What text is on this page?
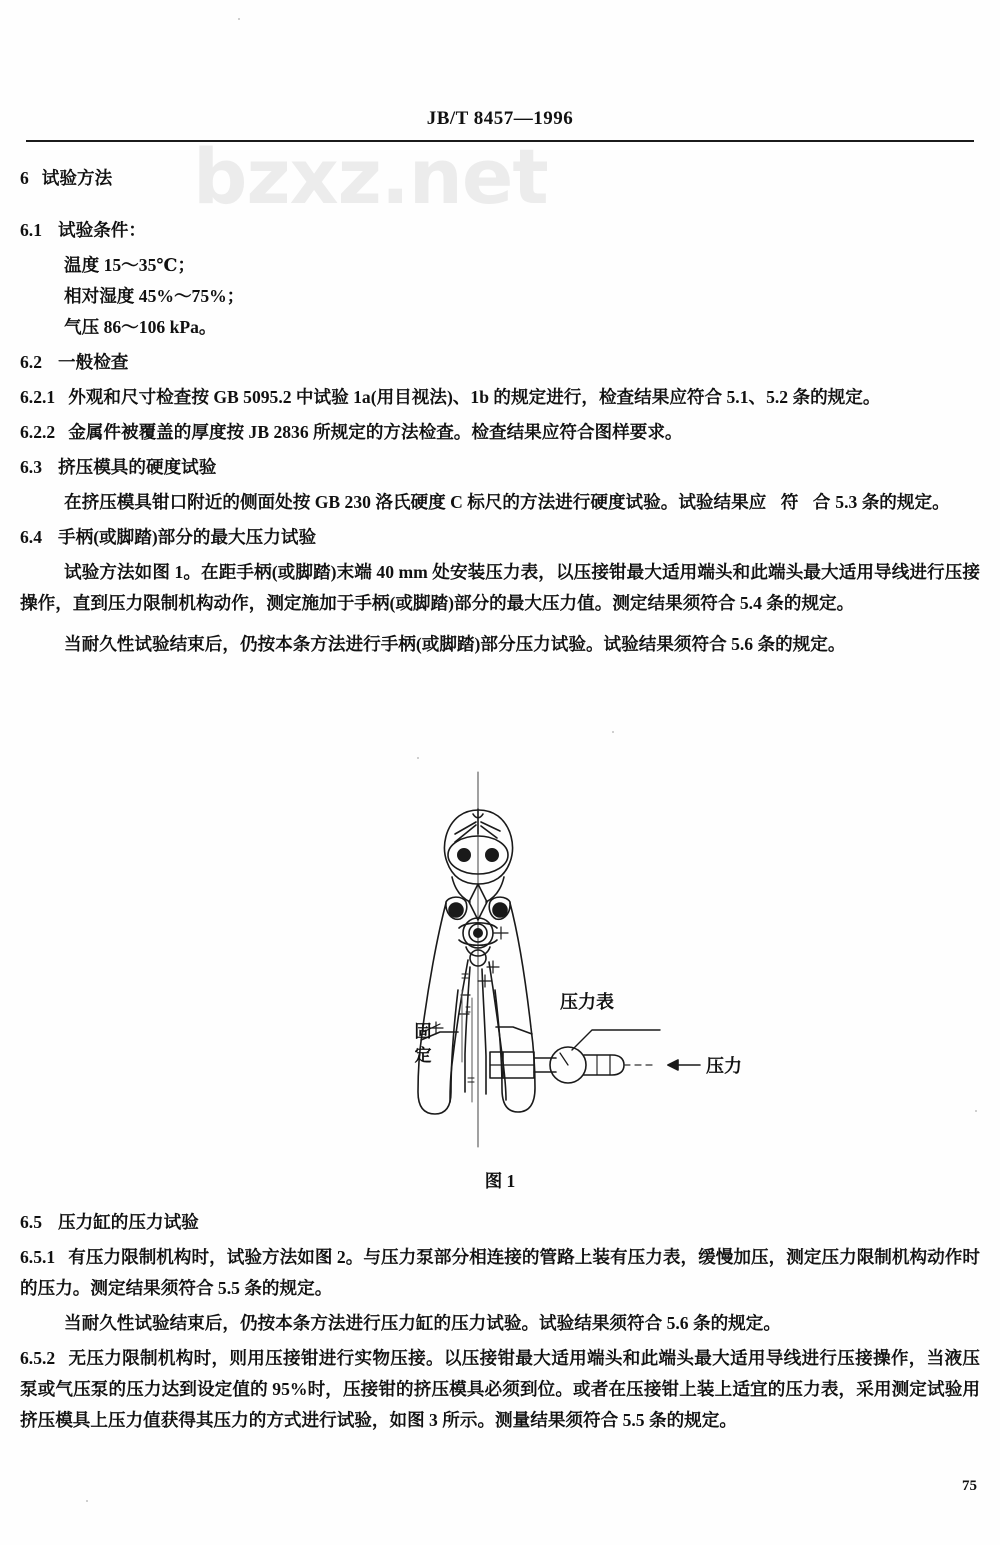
bzxz.net
JB/T 8457—1996

6 试验方法

6.1 试验条件：

温度 15～35℃；

相对湿度 45%～75%；

气压 86～106 kPa。

6.2 一般检查

6.2.1 外观和尺寸检查按 GB 5095.2 中试验 1a(用目视法)、1b 的规定进行，检查结果应符合 5.1、5.2 条的规定。

6.2.2 金属件被覆盖的厚度按 JB 2836 所规定的方法检查。检查结果应符合图样要求。

6.3 挤压模具的硬度试验

在挤压模具钳口附近的侧面处按 GB 230 洛氏硬度 C 标尺的方法进行硬度试验。试验结果应 符 合5.3 条的规定。

6.4 手柄(或脚踏)部分的最大压力试验

试验方法如图 1。在距手柄(或脚踏)末端 40 mm 处安装压力表，以压接钳最大适用端头和此端头最大适用导线进行压接操作，直到压力限制机构动作，测定施加于手柄(或脚踏)部分的最大压力值。测定结果须符合 5.4 条的规定。

当耐久性试验结束后，仍按本条方法进行手柄(或脚踏)部分压力试验。试验结果须符合 5.6 条的规定。

固定
压力表
压力
图 1

6.5 压力缸的压力试验

6.5.1 有压力限制机构时，试验方法如图 2。与压力泵部分相连接的管路上装有压力表，缓慢加压，测定压力限制机构动作时的压力。测定结果须符合 5.5 条的规定。

当耐久性试验结束后，仍按本条方法进行压力缸的压力试验。试验结果须符合 5.6 条的规定。

6.5.2 无压力限制机构时，则用压接钳进行实物压接。以压接钳最大适用端头和此端头最大适用导线进行压接操作，当液压泵或气压泵的压力达到设定值的 95%时，压接钳的挤压模具必须到位。或者在压接钳上装上适宜的压力表，采用测定试验用挤压模具上压力值获得其压力的方式进行试验，如图 3 所示。测量结果须符合 5.5 条的规定。

75
